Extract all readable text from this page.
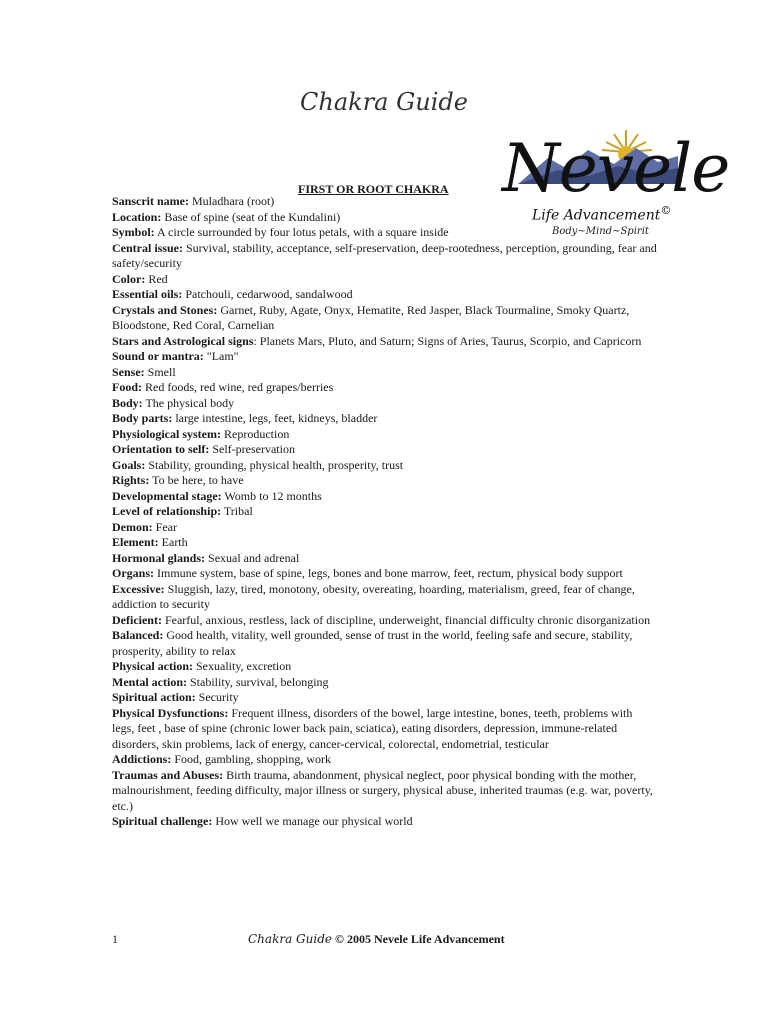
Chakra Guide
Nevele
Life Advancement©
Body~Mind~Spirit
FIRST OR ROOT CHAKRA

Sanscrit name: Muladhara (root)

Location: Base of spine (seat of the Kundalini)

Symbol: A circle surrounded by four lotus petals, with a square inside

Central issue: Survival, stability, acceptance, self-preservation, deep-rootedness, perception, grounding, fear and safety/security

Color: Red

Essential oils: Patchouli, cedarwood, sandalwood

Crystals and Stones: Garnet, Ruby, Agate, Onyx, Hematite, Red Jasper, Black Tourmaline, Smoky Quartz, Bloodstone, Red Coral, Carnelian

Stars and Astrological signs: Planets Mars, Pluto, and Saturn; Signs of Aries, Taurus, Scorpio, and Capricorn

Sound or mantra: "Lam"

Sense: Smell

Food: Red foods, red wine, red grapes/berries

Body: The physical body

Body parts: large intestine, legs, feet, kidneys, bladder

Physiological system: Reproduction

Orientation to self: Self-preservation

Goals: Stability, grounding, physical health, prosperity, trust

Rights: To be here, to have

Developmental stage: Womb to 12 months

Level of relationship: Tribal

Demon: Fear

Element: Earth

Hormonal glands: Sexual and adrenal

Organs: Immune system, base of spine, legs, bones and bone marrow, feet, rectum, physical body support

Excessive: Sluggish, lazy, tired, monotony, obesity, overeating, hoarding, materialism, greed, fear of change, addiction to security

Deficient: Fearful, anxious, restless, lack of discipline, underweight, financial difficulty chronic disorganization

Balanced: Good health, vitality, well grounded, sense of trust in the world, feeling safe and secure, stability, prosperity, ability to relax

Physical action: Sexuality, excretion

Mental action: Stability, survival, belonging

Spiritual action: Security

Physical Dysfunctions: Frequent illness, disorders of the bowel, large intestine, bones, teeth, problems with legs, feet , base of spine (chronic lower back pain, sciatica), eating disorders, depression, immune-related disorders, skin problems, lack of energy, cancer-cervical, colorectal, endometrial, testicular

Addictions: Food, gambling, shopping, work

Traumas and Abuses: Birth trauma, abandonment, physical neglect, poor physical bonding with the mother, malnourishment, feeding difficulty, major illness or surgery, physical abuse, inherited traumas (e.g. war, poverty, etc.)

Spiritual challenge: How well we manage our physical world

1	Chakra Guide © 2005 Nevele Life Advancement
